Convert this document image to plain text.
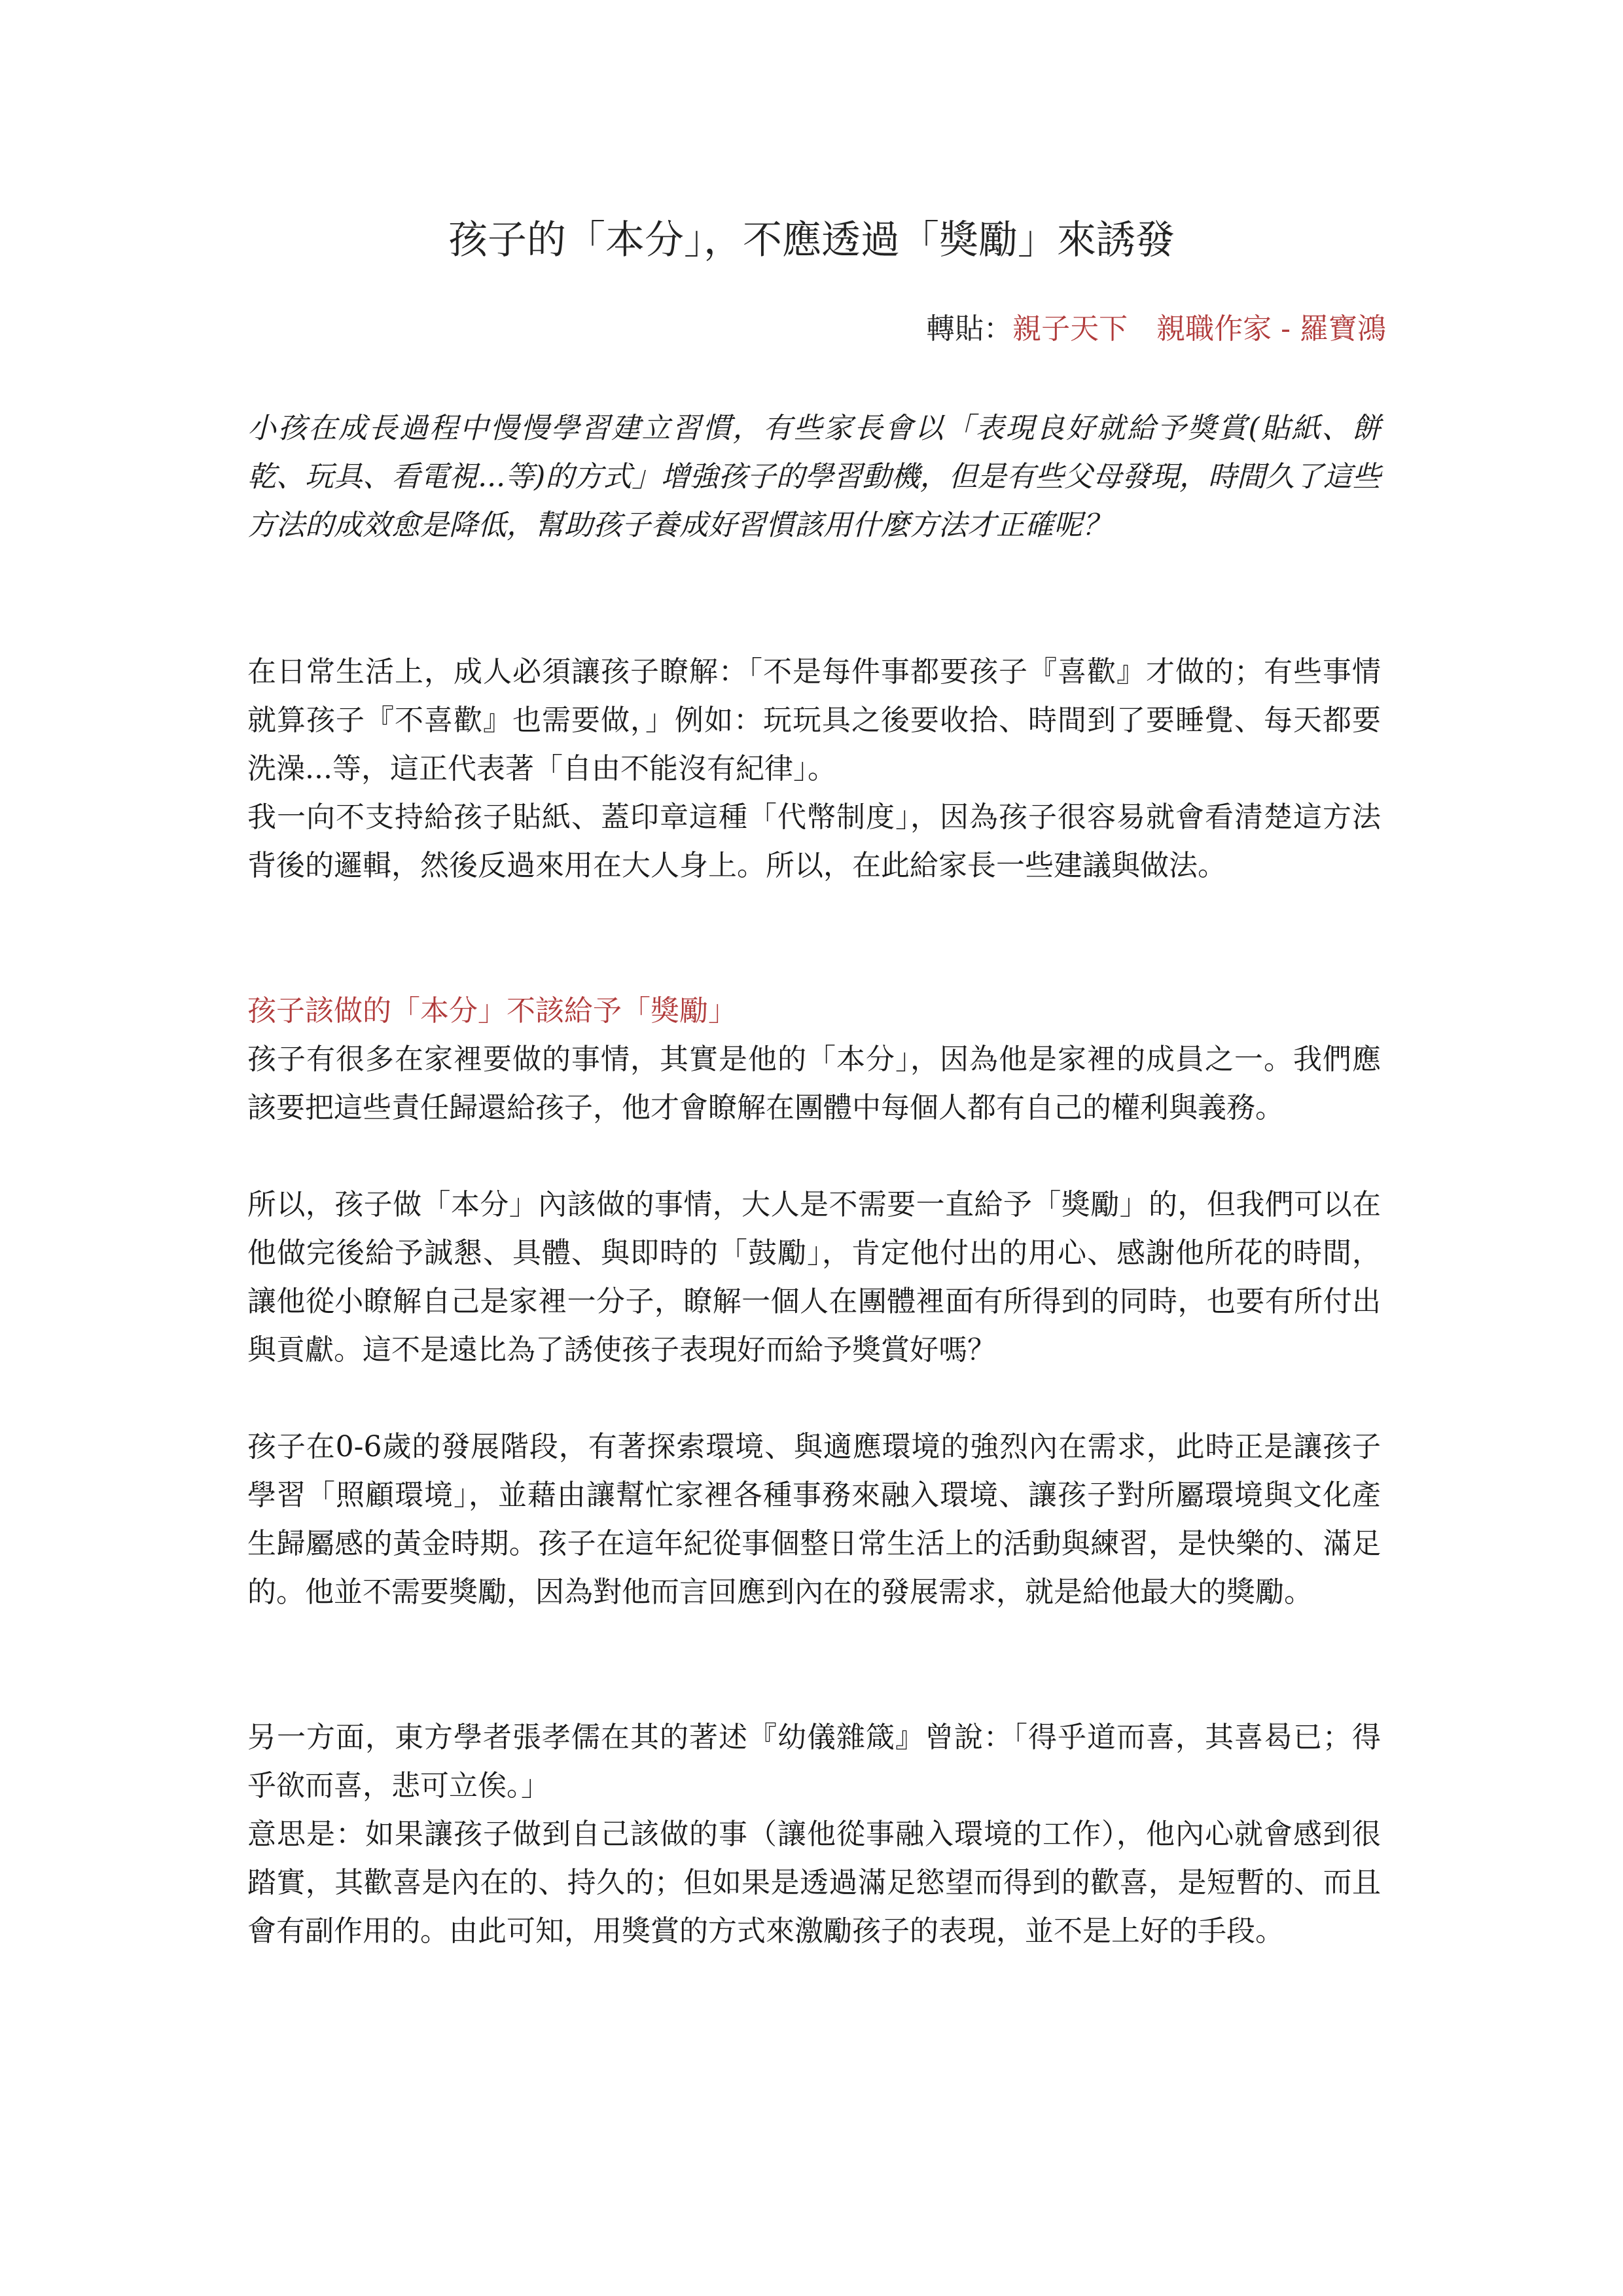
孩子的「本分」，不應透過「獎勵」來誘發
轉貼：親子天下　親職作家 - 羅寶鴻

小孩在成長過程中慢慢學習建立習慣，有些家長會以「表現良好就給予獎賞(貼紙、餅乾、玩具、看電視...等)的方式」增強孩子的學習動機，但是有些父母發現，時間久了這些方法的成效愈是降低，幫助孩子養成好習慣該用什麼方法才正確呢？

在日常生活上，成人必須讓孩子瞭解：「不是每件事都要孩子『喜歡』才做的；有些事情就算孩子『不喜歡』也需要做，」例如：玩玩具之後要收拾、時間到了要睡覺、每天都要洗澡...等，這正代表著「自由不能沒有紀律」。

我一向不支持給孩子貼紙、蓋印章這種「代幣制度」，因為孩子很容易就會看清楚這方法背後的邏輯，然後反過來用在大人身上。所以，在此給家長一些建議與做法。

孩子該做的「本分」不該給予「獎勵」

孩子有很多在家裡要做的事情，其實是他的「本分」，因為他是家裡的成員之一。我們應該要把這些責任歸還給孩子，他才會瞭解在團體中每個人都有自己的權利與義務。

所以，孩子做「本分」內該做的事情，大人是不需要一直給予「獎勵」的，但我們可以在他做完後給予誠懇、具體、與即時的「鼓勵」，肯定他付出的用心、感謝他所花的時間，讓他從小瞭解自己是家裡一分子，瞭解一個人在團體裡面有所得到的同時，也要有所付出與貢獻。這不是遠比為了誘使孩子表現好而給予獎賞好嗎？

孩子在0-6歲的發展階段，有著探索環境、與適應環境的強烈內在需求，此時正是讓孩子學習「照顧環境」，並藉由讓幫忙家裡各種事務來融入環境、讓孩子對所屬環境與文化產生歸屬感的黃金時期。孩子在這年紀從事個整日常生活上的活動與練習，是快樂的、滿足的。他並不需要獎勵，因為對他而言回應到內在的發展需求，就是給他最大的獎勵。

另一方面，東方學者張孝儒在其的著述『幼儀雜箴』曾說：「得乎道而喜，其喜曷已；得乎欲而喜，悲可立俟。」

意思是：如果讓孩子做到自己該做的事（讓他從事融入環境的工作），他內心就會感到很踏實，其歡喜是內在的、持久的；但如果是透過滿足慾望而得到的歡喜，是短暫的、而且會有副作用的。由此可知，用獎賞的方式來激勵孩子的表現，並不是上好的手段。
